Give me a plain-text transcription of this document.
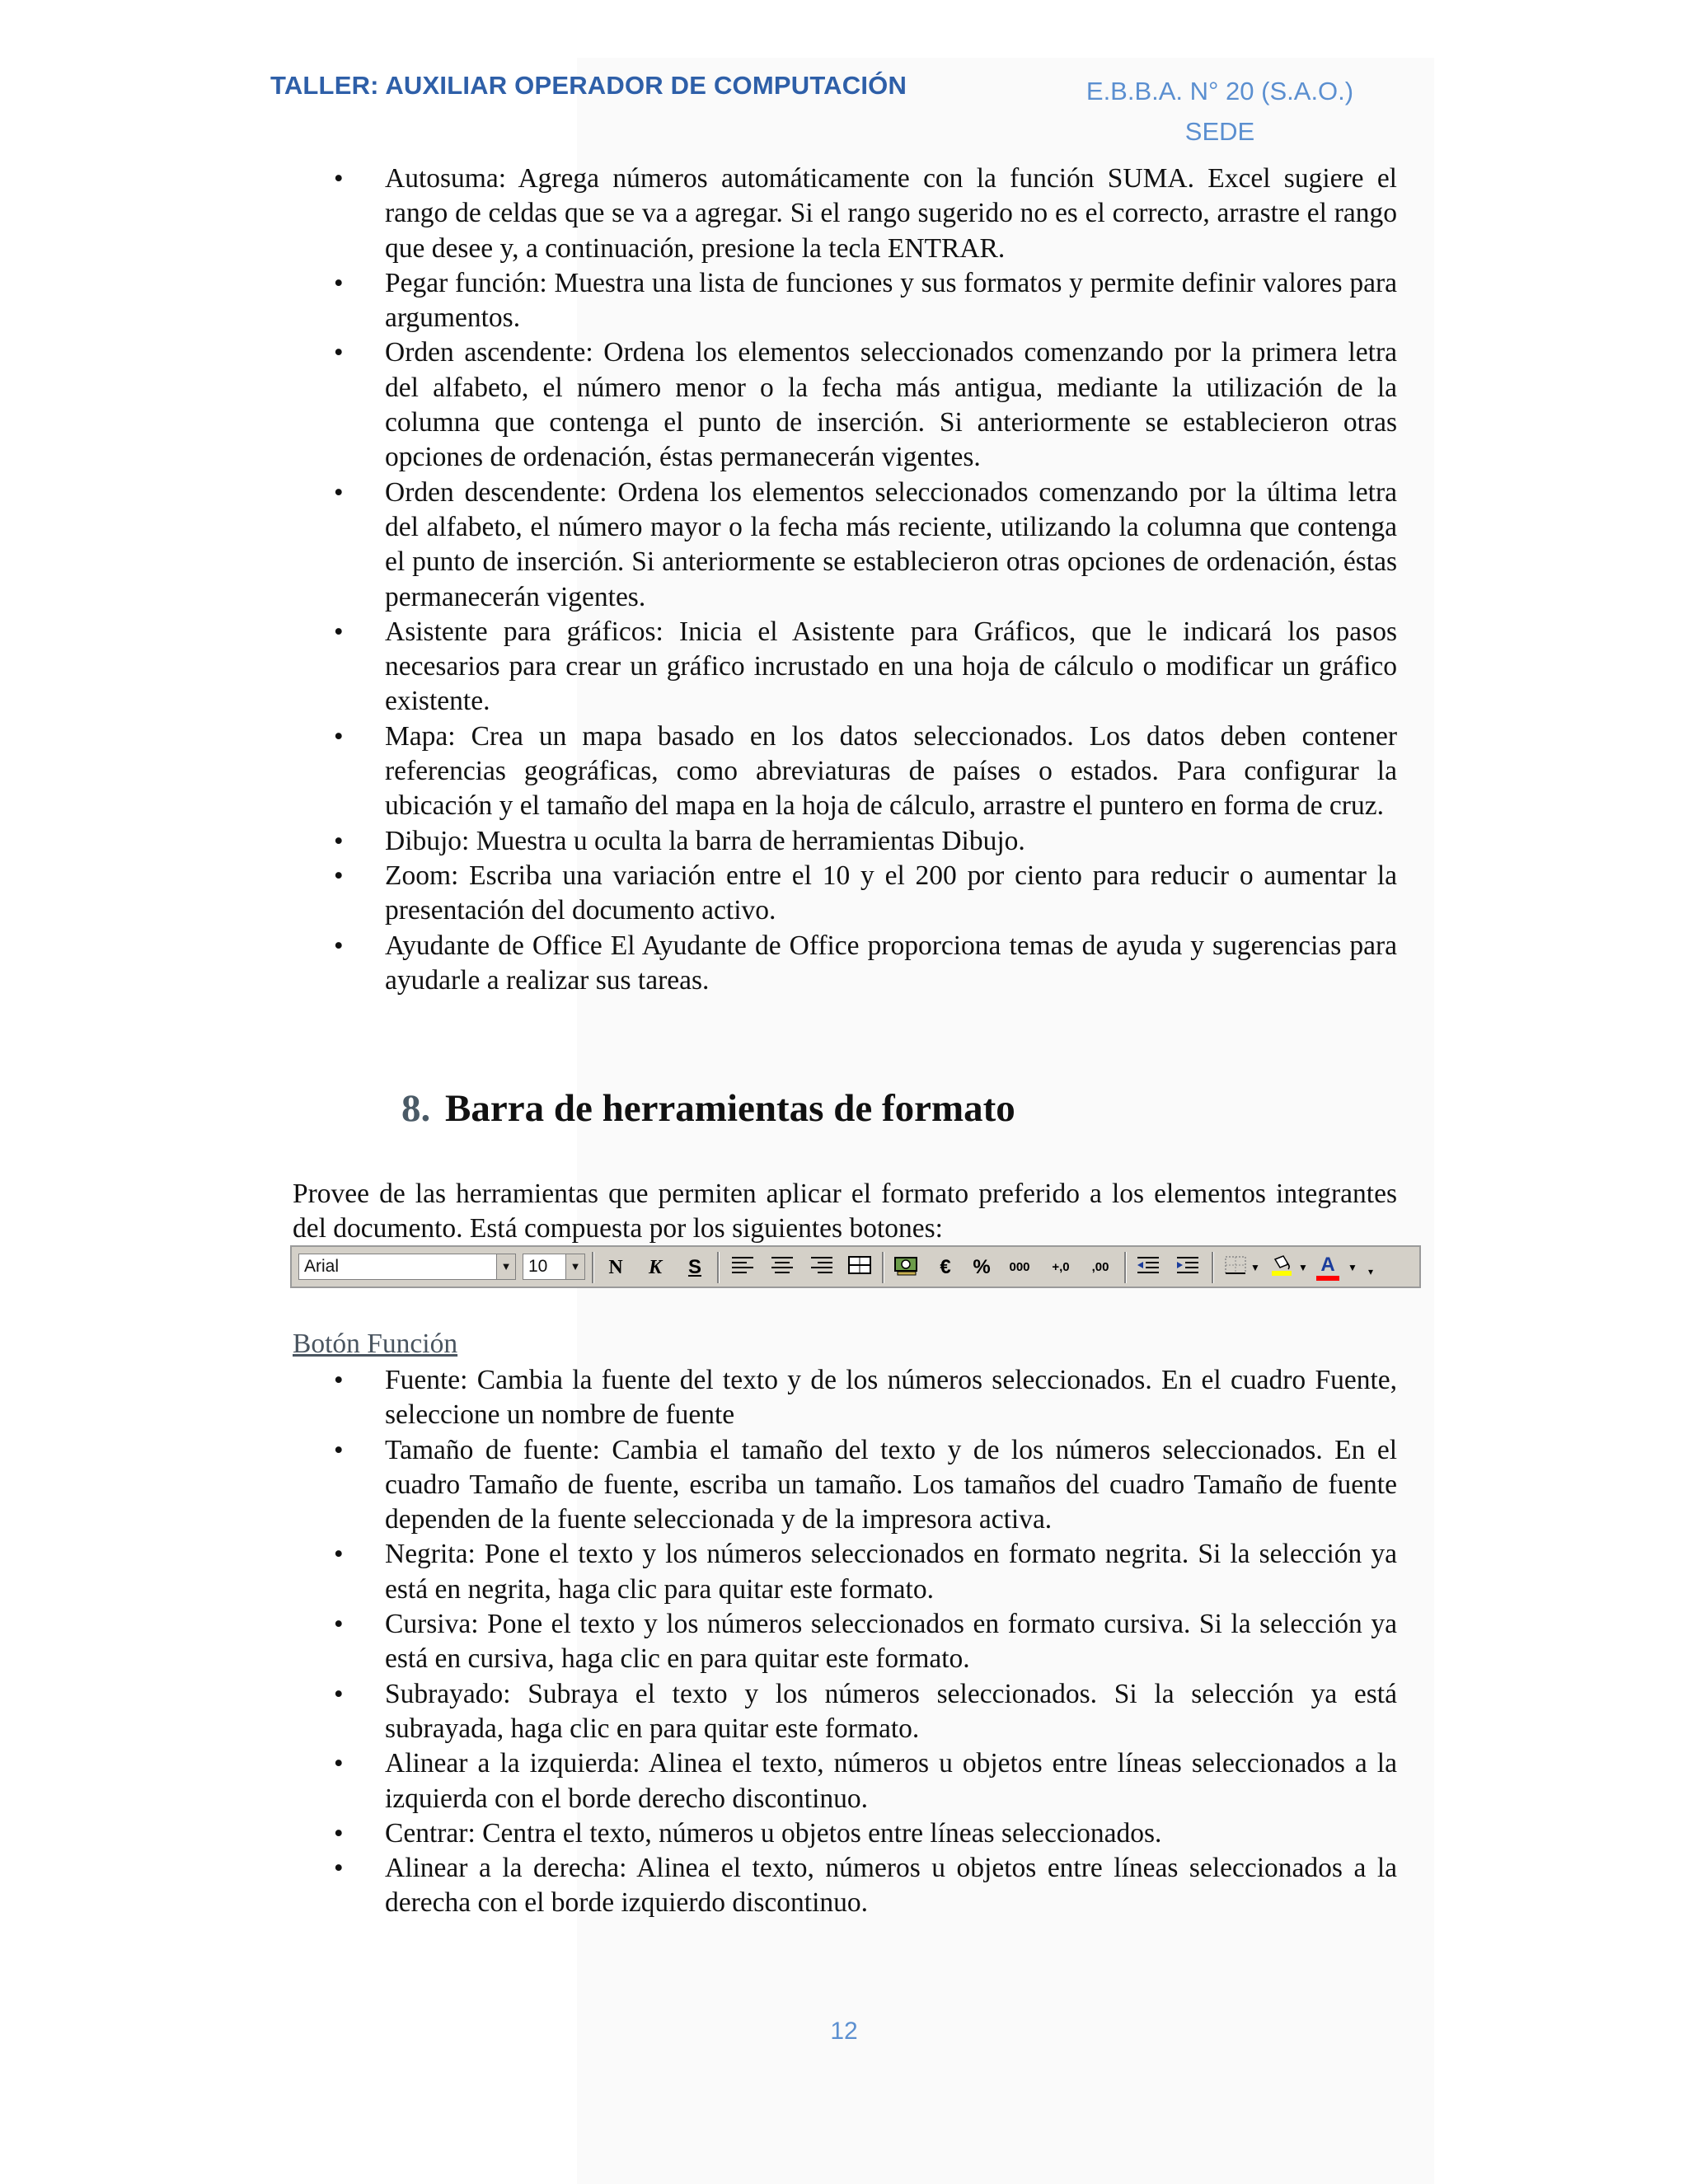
TALLER: AUXILIAR OPERADOR DE COMPUTACIÓN	E.B.B.A. N° 20 (S.A.O.)
SEDE
• Autosuma: Agrega números automáticamente con la función SUMA. Excel sugiere el rango de celdas que se va a agregar. Si el rango sugerido no es el correcto, arrastre el rango que desee y, a continuación, presione la tecla ENTRAR.
• Pegar función: Muestra una lista de funciones y sus formatos y permite definir valores para argumentos.
• Orden ascendente: Ordena los elementos seleccionados comenzando por la primera letra del alfabeto, el número menor o la fecha más antigua, mediante la utilización de la columna que contenga el punto de inserción. Si anteriormente se establecieron otras opciones de ordenación, éstas permanecerán vigentes.
• Orden descendente: Ordena los elementos seleccionados comenzando por la última letra del alfabeto, el número mayor o la fecha más reciente, utilizando la columna que contenga el punto de inserción. Si anteriormente se establecieron otras opciones de ordenación, éstas permanecerán vigentes.
• Asistente para gráficos: Inicia el Asistente para Gráficos, que le indicará los pasos necesarios para crear un gráfico incrustado en una hoja de cálculo o modificar un gráfico existente.
• Mapa: Crea un mapa basado en los datos seleccionados. Los datos deben contener referencias geográficas, como abreviaturas de países o estados. Para configurar la ubicación y el tamaño del mapa en la hoja de cálculo, arrastre el puntero en forma de cruz.
• Dibujo: Muestra u oculta la barra de herramientas Dibujo.
• Zoom: Escriba una variación entre el 10 y el 200 por ciento para reducir o aumentar la presentación del documento activo.
• Ayudante de Office El Ayudante de Office proporciona temas de ayuda y sugerencias para ayudarle a realizar sus tareas.
8. Barra de herramientas de formato
Provee de las herramientas que permiten aplicar el formato preferido a los elementos integrantes del documento. Está compuesta por los siguientes botones:
Arial	▼ 10	▼	N	K	S	€	%	000	+,0	,00	▼	▼ A	▼	▾
Botón Función
• Fuente: Cambia la fuente del texto y de los números seleccionados. En el cuadro Fuente, seleccione un nombre de fuente
• Tamaño de fuente: Cambia el tamaño del texto y de los números seleccionados. En el cuadro Tamaño de fuente, escriba un tamaño. Los tamaños del cuadro Tamaño de fuente dependen de la fuente seleccionada y de la impresora activa.
• Negrita: Pone el texto y los números seleccionados en formato negrita. Si la selección ya está en negrita, haga clic para quitar este formato.
• Cursiva: Pone el texto y los números seleccionados en formato cursiva. Si la selección ya está en cursiva, haga clic en para quitar este formato.
• Subrayado: Subraya el texto y los números seleccionados. Si la selección ya está subrayada, haga clic en para quitar este formato.
• Alinear a la izquierda: Alinea el texto, números u objetos entre líneas seleccionados a la izquierda con el borde derecho discontinuo.
• Centrar: Centra el texto, números u objetos entre líneas seleccionados.
• Alinear a la derecha: Alinea el texto, números u objetos entre líneas seleccionados a la derecha con el borde izquierdo discontinuo.
12
